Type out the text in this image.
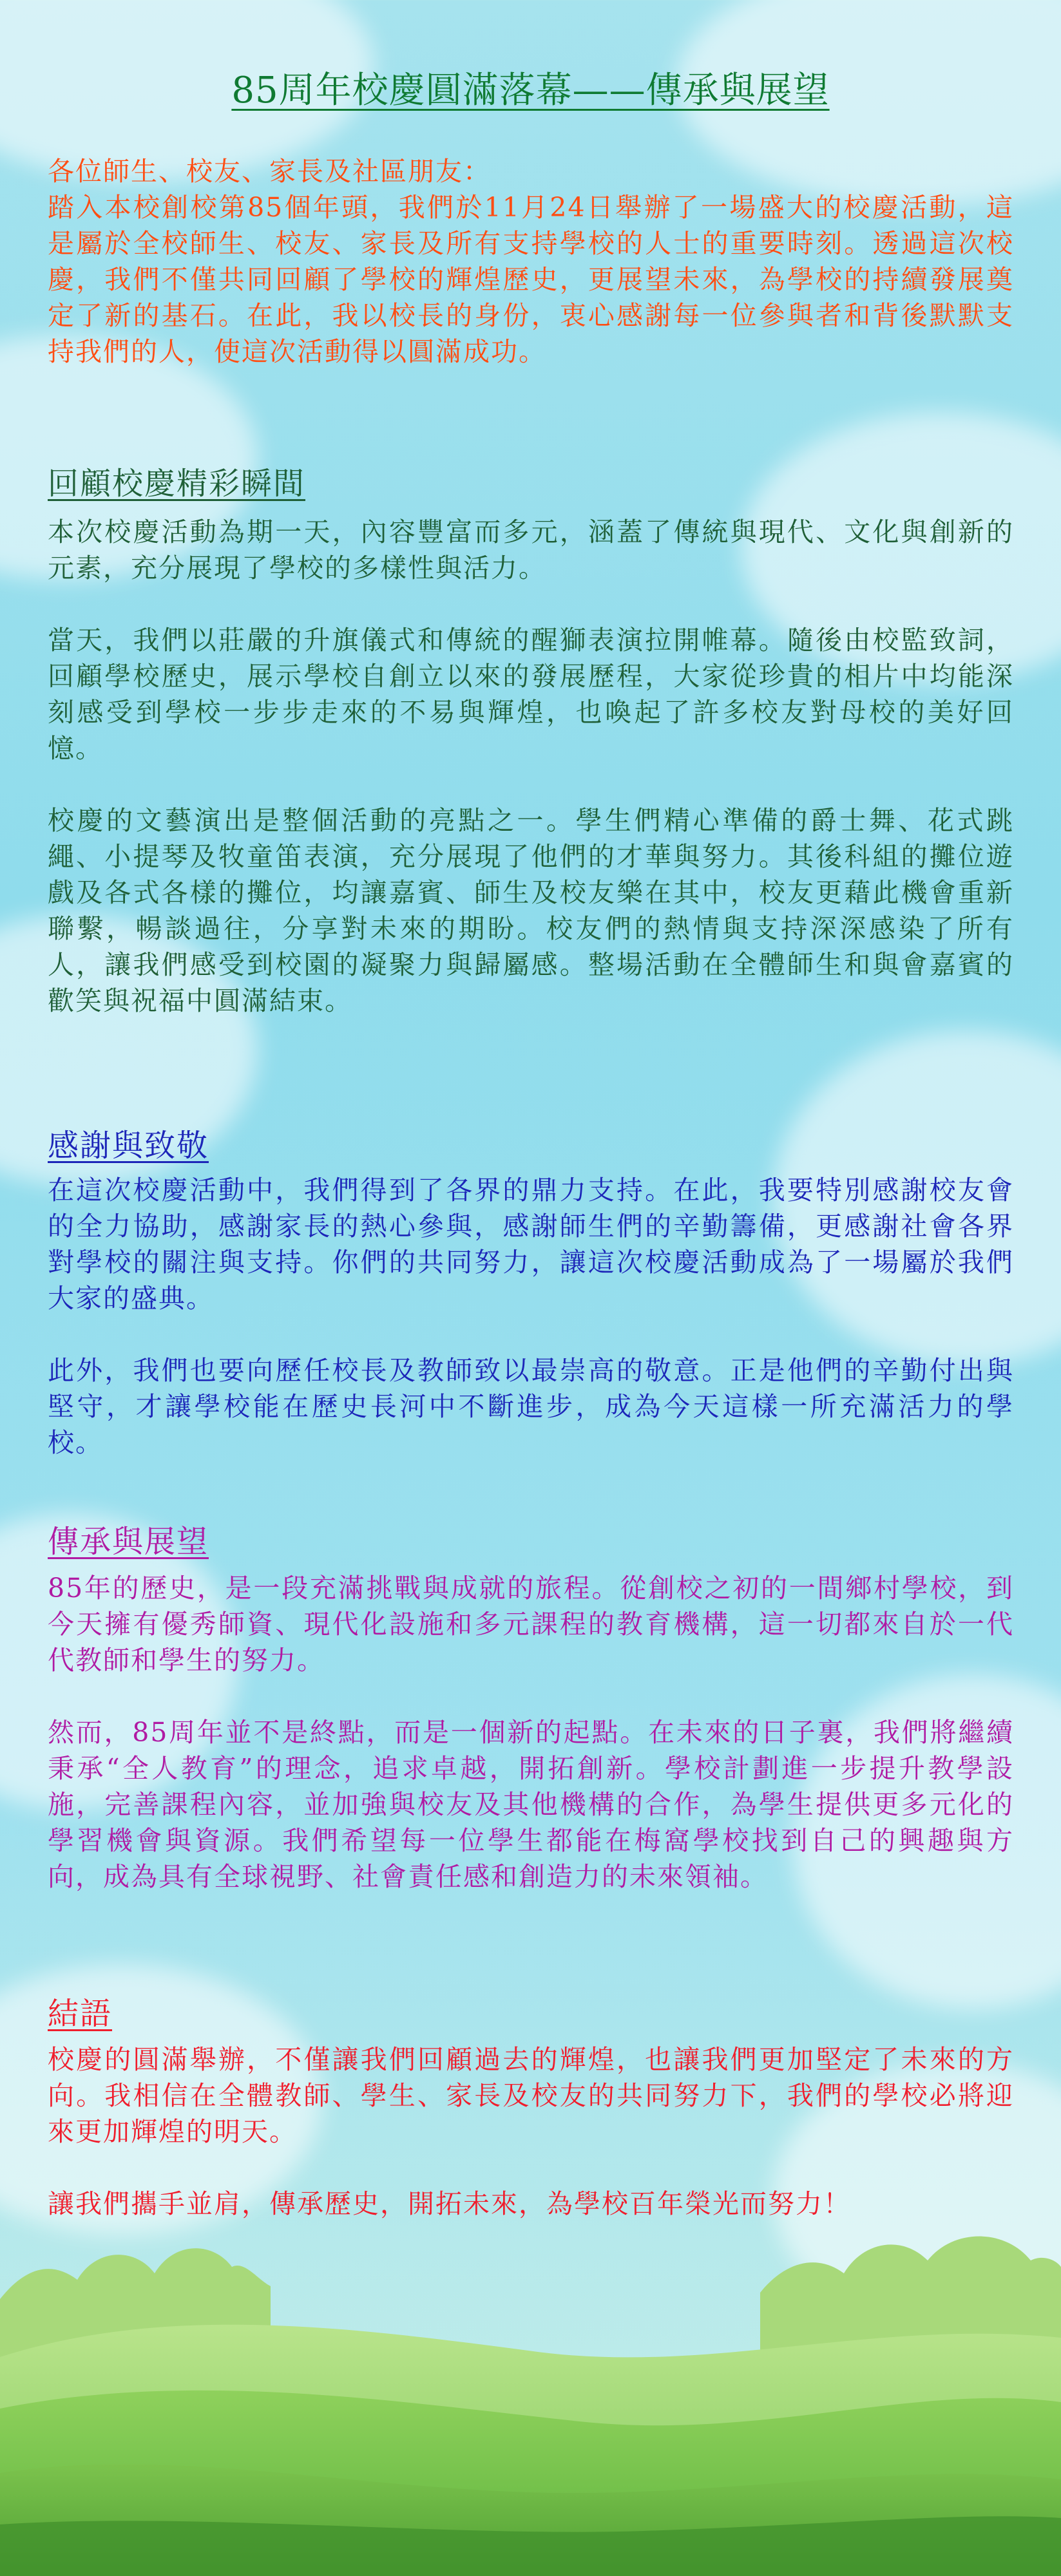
85周年校慶圓滿落幕——傳承與展望

各位師生、校友、家長及社區朋友：

踏入本校創校第85個年頭，我們於11月24日舉辦了一場盛大的校慶活動，這是屬於全校師生、校友、家長及所有支持學校的人士的重要時刻。透過這次校慶，我們不僅共同回顧了學校的輝煌歷史，更展望未來，為學校的持續發展奠定了新的基石。在此，我以校長的身份，衷心感謝每一位參與者和背後默默支持我們的人，使這次活動得以圓滿成功。

回顧校慶精彩瞬間

本次校慶活動為期一天，內容豐富而多元，涵蓋了傳統與現代、文化與創新的元素，充分展現了學校的多樣性與活力。

當天，我們以莊嚴的升旗儀式和傳統的醒獅表演拉開帷幕。隨後由校監致詞，回顧學校歷史，展示學校自創立以來的發展歷程，大家從珍貴的相片中均能深刻感受到學校一步步走來的不易與輝煌，也喚起了許多校友對母校的美好回憶。

校慶的文藝演出是整個活動的亮點之一。學生們精心準備的爵士舞、花式跳繩、小提琴及牧童笛表演，充分展現了他們的才華與努力。其後科組的攤位遊戲及各式各樣的攤位，均讓嘉賓、師生及校友樂在其中，校友更藉此機會重新聯繫，暢談過往，分享對未來的期盼。校友們的熱情與支持深深感染了所有人，讓我們感受到校園的凝聚力與歸屬感。整場活動在全體師生和與會嘉賓的歡笑與祝福中圓滿結束。

感謝與致敬

在這次校慶活動中，我們得到了各界的鼎力支持。在此，我要特別感謝校友會的全力協助，感謝家長的熱心參與，感謝師生們的辛勤籌備，更感謝社會各界對學校的關注與支持。你們的共同努力，讓這次校慶活動成為了一場屬於我們大家的盛典。

此外，我們也要向歷任校長及教師致以最崇高的敬意。正是他們的辛勤付出與堅守，才讓學校能在歷史長河中不斷進步，成為今天這樣一所充滿活力的學校。

傳承與展望

85年的歷史，是一段充滿挑戰與成就的旅程。從創校之初的一間鄉村學校，到今天擁有優秀師資、現代化設施和多元課程的教育機構，這一切都來自於一代代教師和學生的努力。

然而，85周年並不是終點，而是一個新的起點。在未來的日子裏，我們將繼續秉承“全人教育”的理念，追求卓越，開拓創新。學校計劃進一步提升教學設施，完善課程內容，並加強與校友及其他機構的合作，為學生提供更多元化的學習機會與資源。我們希望每一位學生都能在梅窩學校找到自己的興趣與方向，成為具有全球視野、社會責任感和創造力的未來領袖。

結語

校慶的圓滿舉辦，不僅讓我們回顧過去的輝煌，也讓我們更加堅定了未來的方向。我相信在全體教師、學生、家長及校友的共同努力下，我們的學校必將迎來更加輝煌的明天。

讓我們攜手並肩，傳承歷史，開拓未來，為學校百年榮光而努力！
